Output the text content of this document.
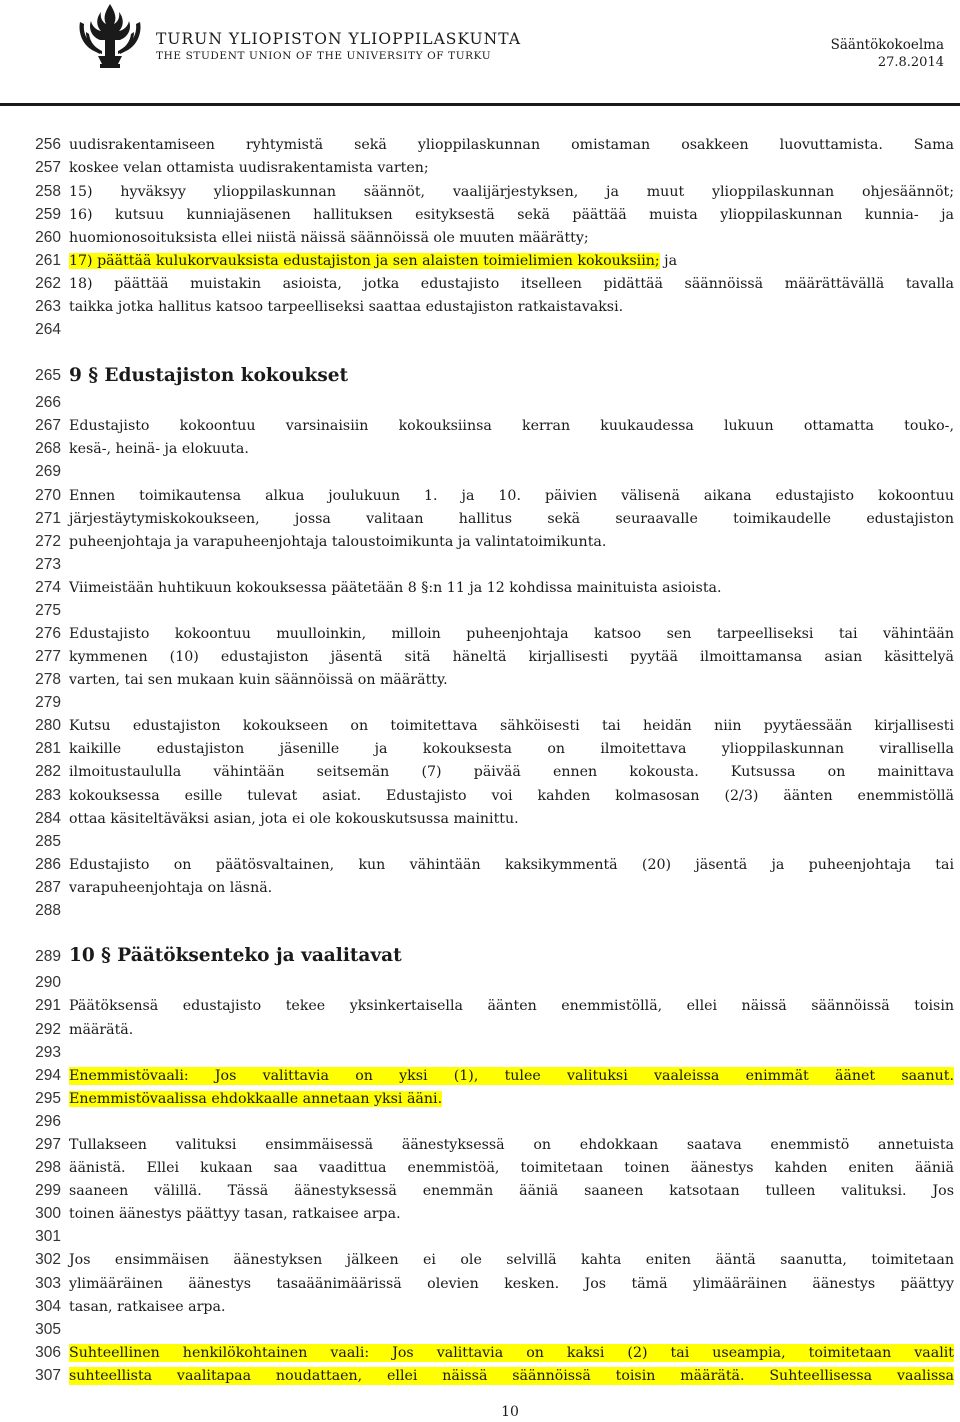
TURUN YLIOPISTON YLIOPPILASKUNTA
THE STUDENT UNION OF THE UNIVERSITY OF TURKU
Sääntökokoelma
27.8.2014
256
257
258
259
260
261
262
263
264
265
266
267
268
269
270
271
272
273
274
275
276
277
278
279
280
281
282
283
284
285
286
287
288
289
290
291
292
293
294
295
296
297
298
299
300
301
302
303
304
305
306
307
uudisrakentamiseen ryhtymistä sekä ylioppilaskunnan omistaman osakkeen luovuttamista. Sama
koskee velan ottamista uudisrakentamista varten;
15) hyväksyy ylioppilaskunnan säännöt, vaalijärjestyksen, ja muut ylioppilaskunnan ohjesäännöt;
16) kutsuu kunniajäsenen hallituksen esityksestä sekä päättää muista ylioppilaskunnan kunnia- ja
huomionosoituksista ellei niistä näissä säännöissä ole muuten määrätty;
17) päättää kulukorvauksista edustajiston ja sen alaisten toimielimien kokouksiin; ja
18) päättää muistakin asioista, jotka edustajisto itselleen pidättää säännöissä määrättävällä tavalla
taikka jotka hallitus katsoo tarpeelliseksi saattaa edustajiston ratkaistavaksi.
9 § Edustajiston kokoukset
Edustajisto kokoontuu varsinaisiin kokouksiinsa kerran kuukaudessa lukuun ottamatta touko-,
kesä-, heinä- ja elokuuta.
Ennen toimikautensa alkua joulukuun 1. ja 10. päivien välisenä aikana edustajisto kokoontuu
järjestäytymiskokoukseen, jossa valitaan hallitus sekä seuraavalle toimikaudelle edustajiston
puheenjohtaja ja varapuheenjohtaja taloustoimikunta ja valintatoimikunta.
Viimeistään huhtikuun kokouksessa päätetään 8 §:n 11 ja 12 kohdissa mainituista asioista.
Edustajisto kokoontuu muulloinkin, milloin puheenjohtaja katsoo sen tarpeelliseksi tai vähintään
kymmenen (10) edustajiston jäsentä sitä häneltä kirjallisesti pyytää ilmoittamansa asian käsittelyä
varten, tai sen mukaan kuin säännöissä on määrätty.
Kutsu edustajiston kokoukseen on toimitettava sähköisesti tai heidän niin pyytäessään kirjallisesti
kaikille edustajiston jäsenille ja kokouksesta on ilmoitettava ylioppilaskunnan virallisella
ilmoitustaululla vähintään seitsemän (7) päivää ennen kokousta. Kutsussa on mainittava
kokouksessa esille tulevat asiat. Edustajisto voi kahden kolmasosan (2/3) äänten enemmistöllä
ottaa käsiteltäväksi asian, jota ei ole kokouskutsussa mainittu.
Edustajisto on päätösvaltainen, kun vähintään kaksikymmentä (20) jäsentä ja puheenjohtaja tai
varapuheenjohtaja on läsnä.
10 § Päätöksenteko ja vaalitavat
Päätöksensä edustajisto tekee yksinkertaisella äänten enemmistöllä, ellei näissä säännöissä toisin
määrätä.
Enemmistövaali: Jos valittavia on yksi (1), tulee valituksi vaaleissa enimmät äänet saanut.
Enemmistövaalissa ehdokkaalle annetaan yksi ääni.
Tullakseen valituksi ensimmäisessä äänestyksessä on ehdokkaan saatava enemmistö annetuista
äänistä. Ellei kukaan saa vaadittua enemmistöä, toimitetaan toinen äänestys kahden eniten ääniä
saaneen välillä. Tässä äänestyksessä enemmän ääniä saaneen katsotaan tulleen valituksi. Jos
toinen äänestys päättyy tasan, ratkaisee arpa.
Jos ensimmäisen äänestyksen jälkeen ei ole selvillä kahta eniten ääntä saanutta, toimitetaan
ylimääräinen äänestys tasaäänimäärissä olevien kesken. Jos tämä ylimääräinen äänestys päättyy
tasan, ratkaisee arpa.
Suhteellinen henkilökohtainen vaali: Jos valittavia on kaksi (2) tai useampia, toimitetaan vaalit
suhteellista vaalitapaa noudattaen, ellei näissä säännöissä toisin määrätä. Suhteellisessa vaalissa
10
